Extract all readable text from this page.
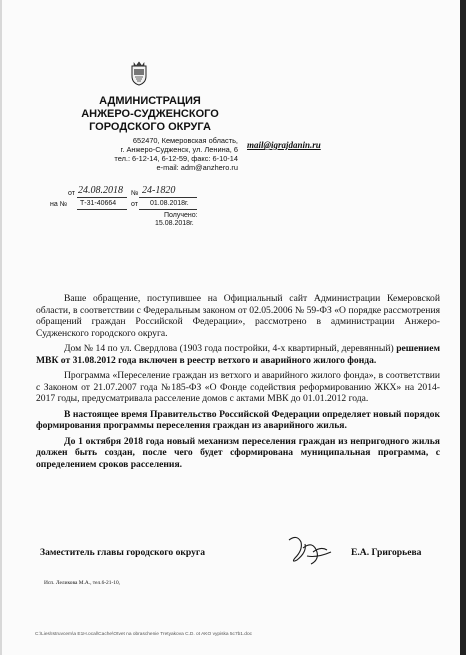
АДМИНИСТРАЦИЯ
АНЖЕРО-СУДЖЕНСКОГО
ГОРОДСКОГО ОКРУГА
652470, Кемеровская область,
г. Анжеро-Судженск, ул. Ленина, 6
тел.: 6-12-14, 6-12-59, факс: 6-10-14
e-mail: adm@anzhero.ru
mail@igrajdanin.ru
от 24.08.2018 № 24-1820
на № Т-31-40664 от 01.08.2018г.
Получено:
15.08.2018г.

Ваше обращение, поступившее на Официальный сайт Администрации Кемеровской области, в соответствии с Федеральным законом от 02.05.2006 № 59-ФЗ «О порядке рассмотрения обращений граждан Российской Федерации», рассмотрено в администрации Анжеро-Судженского городского округа.

Дом № 14 по ул. Свердлова (1903 года постройки, 4-х квартирный, деревянный) решением МВК от 31.08.2012 года включен в реестр ветхого и аварийного жилого фонда.

Программа «Переселение граждан из ветхого и аварийного жилого фонда», в соответствии с Законом от 21.07.2007 года №185-ФЗ «О Фонде содействия реформированию ЖКХ» на 2014-2017 годы, предусматривала расселение домов с актами МВК до 01.01.2012 года.

В настоящее время Правительство Российской Федерации определяет новый порядок формирования программы переселения граждан из аварийного жилья.

До 1 октября 2018 года новый механизм переселения граждан из непригодного жилья должен быть создан, после чего будет сформирована муниципальная программа, с определением сроков расселения.

Заместитель главы городского округа	Е.А. Григорьева
Исп. Леликова М.А., тел.6-21-10,
C:\Lies\Istruvcem\a E1H.ocal\Cache\Otvet na obraschenie Tretyakova C.D. ot AKO vypiska 5c7b1.doc
